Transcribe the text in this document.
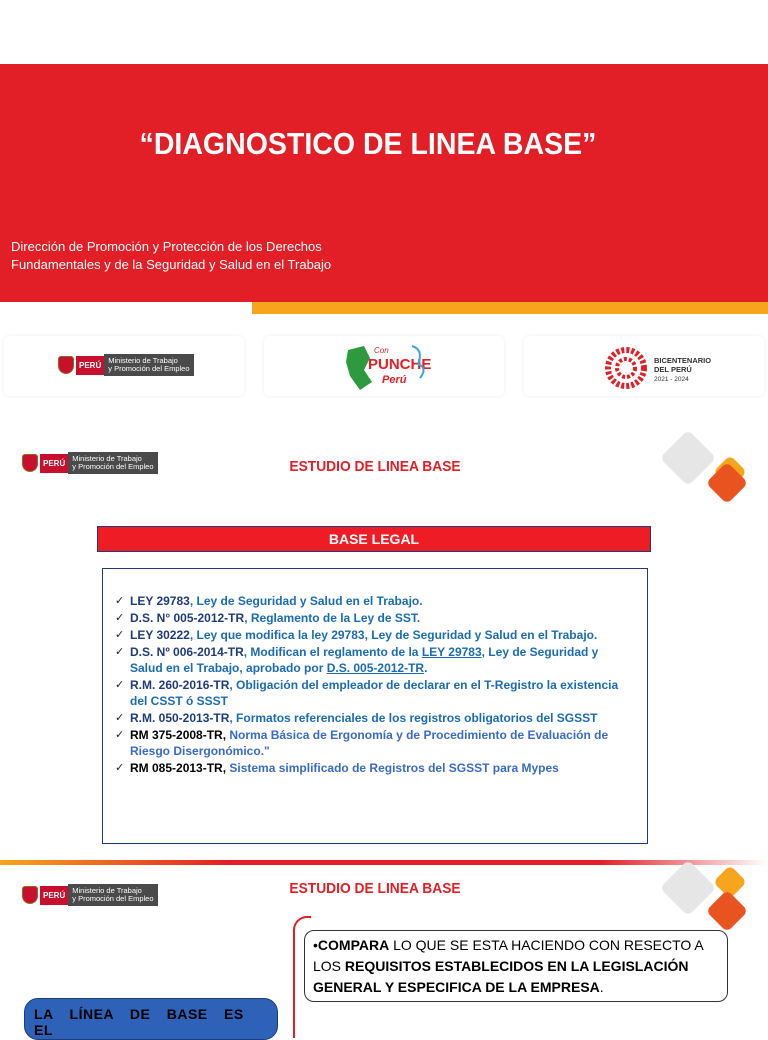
“DIAGNOSTICO DE LINEA BASE”
Dirección de Promoción y Protección de los Derechos
Fundamentales y de la Seguridad y Salud en el Trabajo
PERÚ Ministerio de Trabajo
y Promoción del Empleo
Con
PUNCHE
Perú
BICENTENARIO
DEL PERÚ
2021 - 2024
PERÚ Ministerio de Trabajo
y Promoción del Empleo	ESTUDIO DE LINEA BASE
BASE LEGAL
✓ LEY 29783, Ley de Seguridad y Salud en el Trabajo.
✓ D.S. N° 005-2012-TR, Reglamento de la Ley de SST.
✓ LEY 30222, Ley que modifica la ley 29783, Ley de Seguridad y Salud en el Trabajo.
✓ D.S. Nº 006-2014-TR, Modifican el reglamento de la LEY 29783, Ley de Seguridad y Salud en el Trabajo, aprobado por D.S. 005-2012-TR.
✓ R.M. 260-2016-TR, Obligación del empleador de declarar en el T-Registro la existencia del CSST ó SSST
✓ R.M. 050-2013-TR, Formatos referenciales de los registros obligatorios del SGSST
✓ RM 375-2008-TR, Norma Básica de Ergonomía y de Procedimiento de Evaluación de Riesgo Disergonómico."
✓ RM 085-2013-TR, Sistema simplificado de Registros del SGSST para Mypes
PERÚ Ministerio de Trabajo
y Promoción del Empleo
ESTUDIO DE LINEA BASE
•COMPARA LO QUE SE ESTA HACIENDO CON RESECTO A LOS REQUISITOS ESTABLECIDOS EN LA LEGISLACIÓN GENERAL Y ESPECIFICA DE LA EMPRESA.
LA LÍNEA DE BASE ES EL
